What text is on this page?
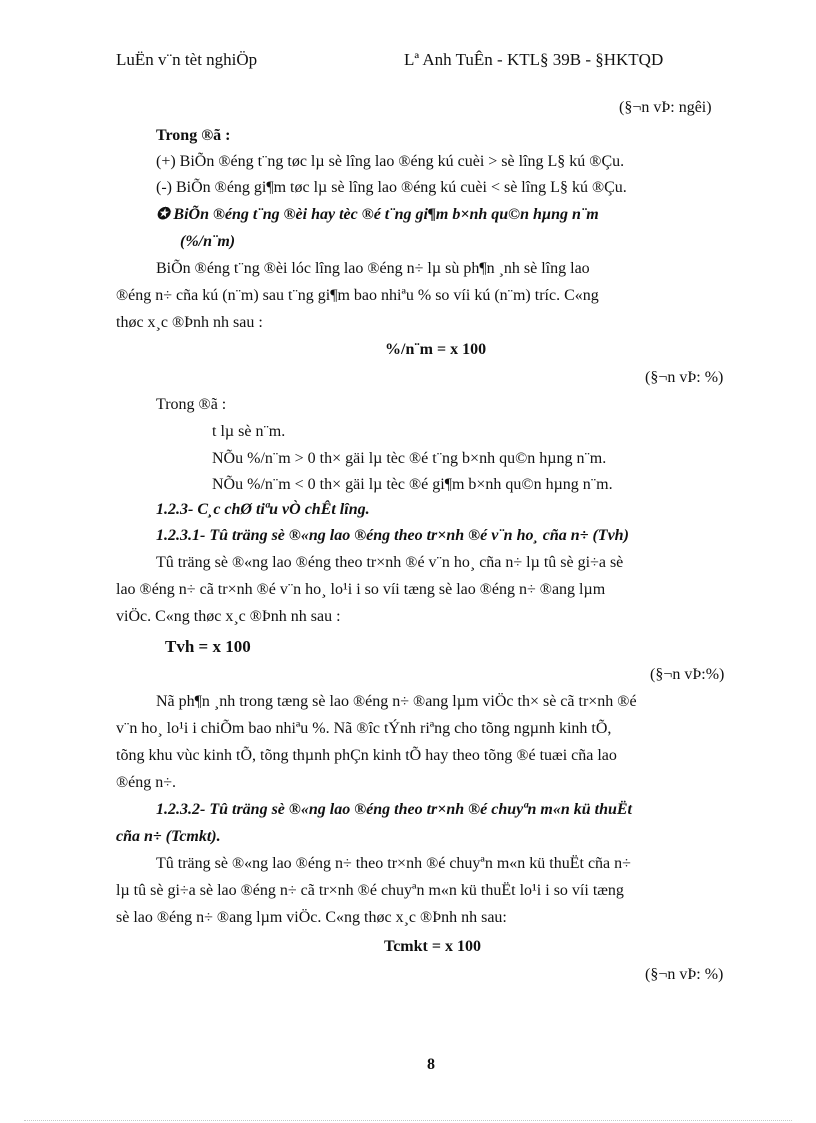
LuËn v¨n tèt nghiÖp	Lª Anh TuÊn - KTL§ 39B - §HKTQD
(§¬n vÞ: ngêi)
Trong ®ã :
(+) BiÕn ®éng t¨ng tøc lµ sè lîng lao ®éng kú cuèi > sè lîng L§ kú ®Çu.
(-) BiÕn ®éng gi¶m tøc lµ sè lîng lao ®éng kú cuèi < sè lîng L§ kú ®Çu.
✪ BiÕn ®éng t¨ng ®èi hay tèc ®é t¨ng gi¶m b×nh qu©n hµng n¨m
(%/n¨m)
BiÕn ®éng t¨ng ®èi lóc lîng lao ®éng n÷ lµ sù ph¶n ¸nh sè lîng lao
®éng n÷ cña kú (n¨m) sau t¨ng gi¶m bao nhiªu % so víi kú (n¨m) tríc. C«ng
thøc x¸c ®Þnh nh sau :
%/n¨m = x 100
(§¬n vÞ: %)
Trong ®ã :
t lµ sè n¨m.
NÕu %/n¨m > 0 th× gäi lµ tèc ®é t¨ng b×nh qu©n hµng n¨m.
NÕu %/n¨m < 0 th× gäi lµ tèc ®é gi¶m b×nh qu©n hµng n¨m.
1.2.3- C¸c chØ tiªu vÒ chÊt lîng.
1.2.3.1- Tû träng sè ®«ng lao ®éng theo tr×nh ®é v¨n ho¸ cña n÷ (Tvh)
Tû träng sè ®«ng lao ®éng theo tr×nh ®é v¨n ho¸ cña n÷ lµ tû sè gi÷a sè
lao ®éng n÷ cã tr×nh ®é v¨n ho¸ lo¹i i so víi tæng sè lao ®éng n÷ ®ang lµm
viÖc. C«ng thøc x¸c ®Þnh nh sau :
Tvh = x 100
(§¬n vÞ:%)
Nã ph¶n ¸nh trong tæng sè lao ®éng n÷ ®ang lµm viÖc th× sè cã tr×nh ®é
v¨n ho¸ lo¹i i chiÕm bao nhiªu %. Nã ®îc tÝnh riªng cho tõng ngµnh kinh tÕ,
tõng khu vùc kinh tÕ, tõng thµnh phÇn kinh tÕ hay theo tõng ®é tuæi cña lao
®éng n÷.
1.2.3.2- Tû träng sè ®«ng lao ®éng theo tr×nh ®é chuyªn m«n kü thuËt
cña n÷ (Tcmkt).
Tû träng sè ®«ng lao ®éng n÷ theo tr×nh ®é chuyªn m«n kü thuËt cña n÷
lµ tû sè gi÷a sè lao ®éng n÷ cã tr×nh ®é chuyªn m«n kü thuËt lo¹i i so víi tæng
sè lao ®éng n÷ ®ang lµm viÖc. C«ng thøc x¸c ®Þnh nh sau:
Tcmkt = x 100
(§¬n vÞ: %)
8
